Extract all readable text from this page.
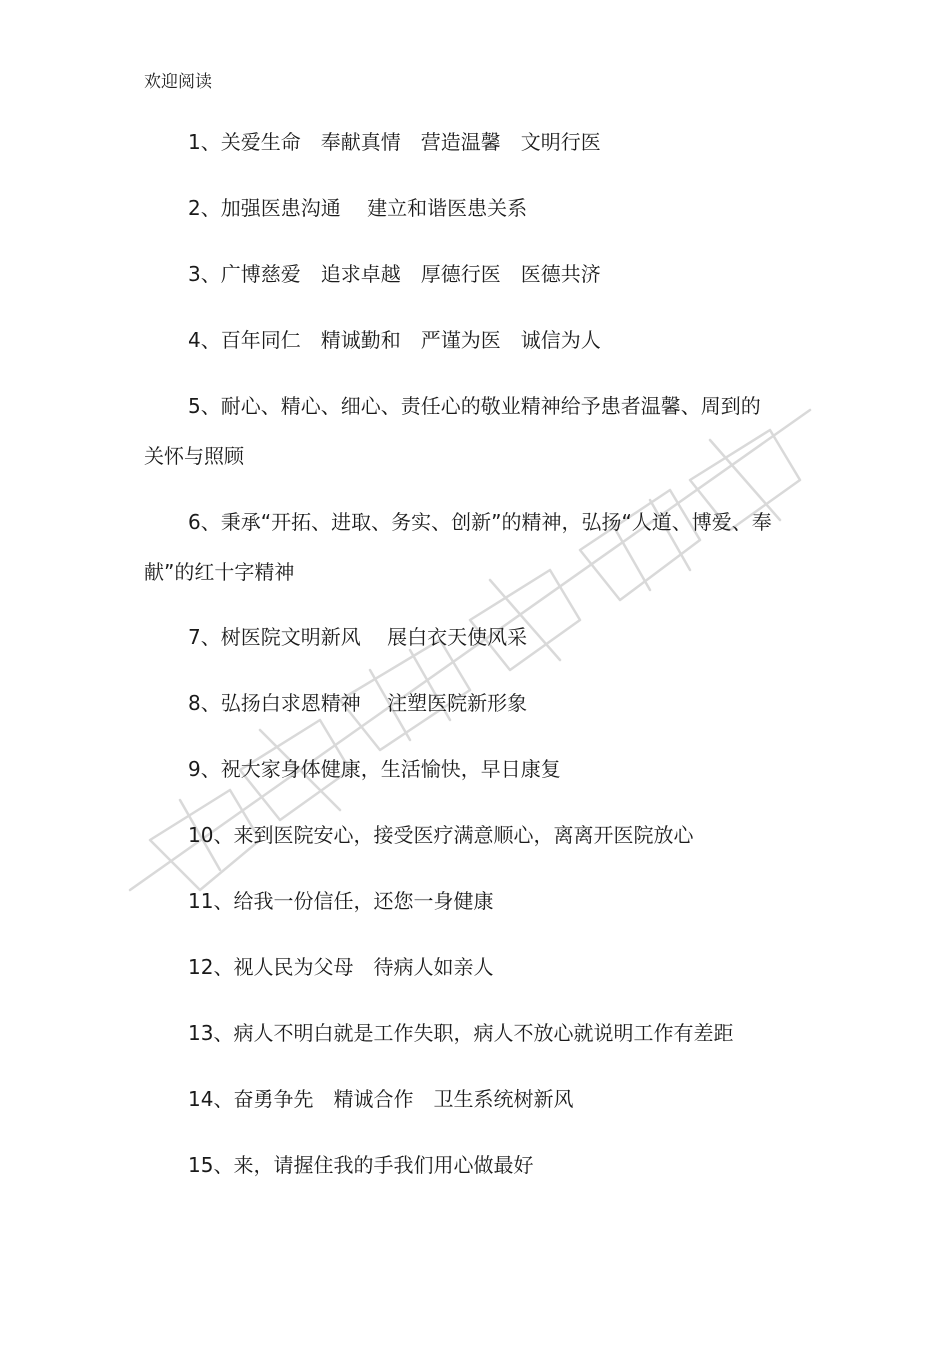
欢迎阅读
1、关爱生命　奉献真情　营造温馨　文明行医
2、加强医患沟通　 建立和谐医患关系
3、广博慈爱　追求卓越　厚德行医　医德共济
4、百年同仁　精诚勤和　严谨为医　诚信为人
5、耐心、精心、细心、责任心的敬业精神给予患者温馨、周到的关怀与照顾
6、秉承“开拓、进取、务实、创新”的精神，弘扬“人道、博爱、奉献”的红十字精神
7、树医院文明新风　 展白衣天使风采
8、弘扬白求恩精神　 注塑医院新形象
9、祝大家身体健康，生活愉快，早日康复
10、来到医院安心，接受医疗满意顺心，离离开医院放心
11、给我一份信任，还您一身健康
12、视人民为父母　待病人如亲人
13、病人不明白就是工作失职，病人不放心就说明工作有差距
14、奋勇争先　精诚合作　卫生系统树新风
15、来，请握住我的手我们用心做最好
